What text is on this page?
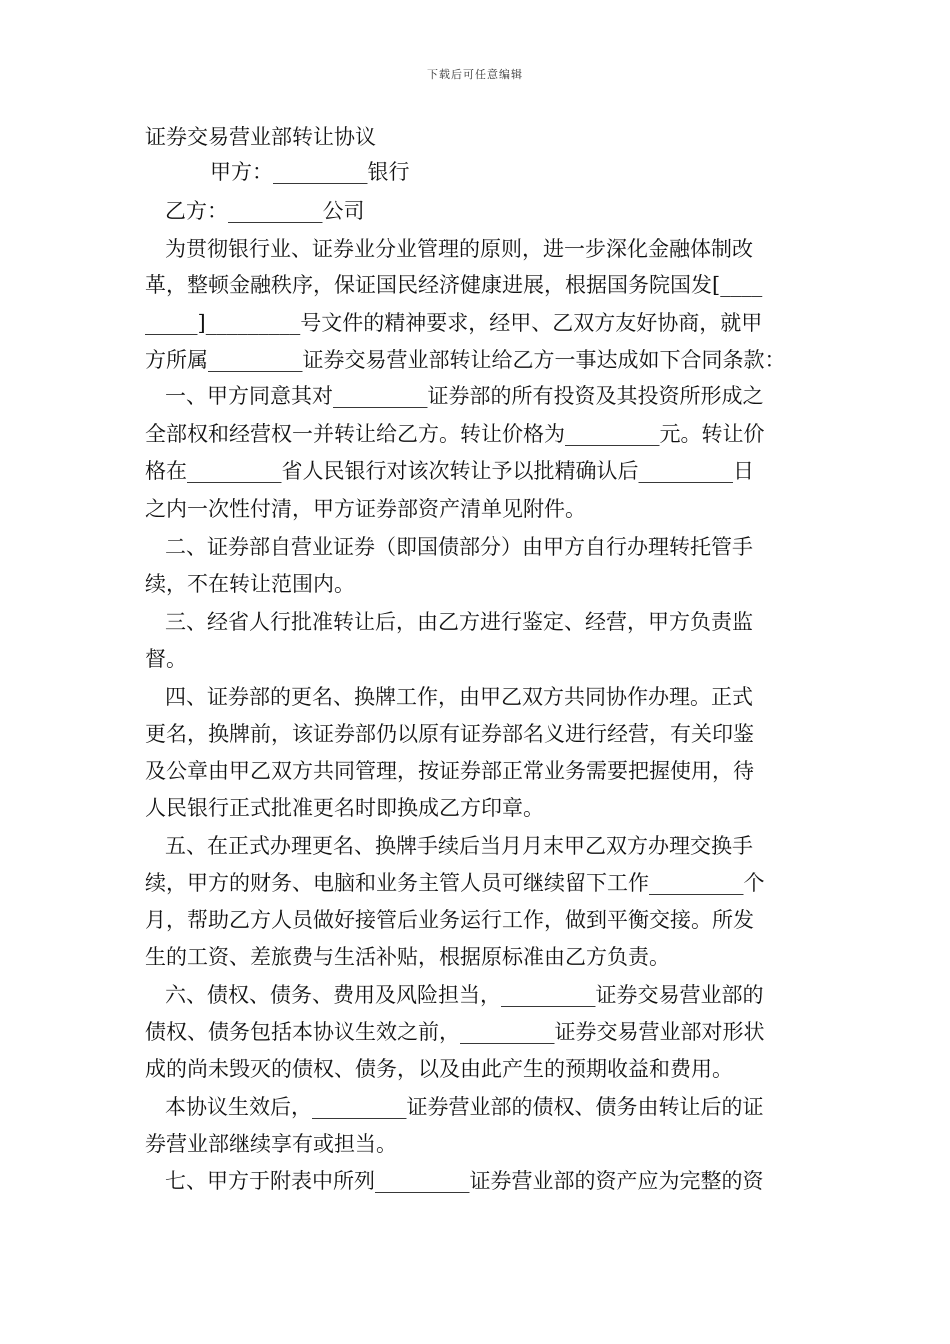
下载后可任意编辑
证券交易营业部转让协议
甲方：_________银行
乙方：_________公司
为贯彻银行业、证券业分业管理的原则，进一步深化金融体制改
革，整顿金融秩序，保证国民经济健康进展，根据国务院国发[____
_____]_________号文件的精神要求，经甲、乙双方友好协商，就甲
方所属_________证券交易营业部转让给乙方一事达成如下合同条款：
一、甲方同意其对_________证券部的所有投资及其投资所形成之
全部权和经营权一并转让给乙方。转让价格为_________元。转让价
格在_________省人民银行对该次转让予以批精确认后_________日
之内一次性付清，甲方证券部资产清单见附件。
二、证券部自营业证券（即国债部分）由甲方自行办理转托管手
续，不在转让范围内。
三、经省人行批准转让后，由乙方进行鉴定、经营，甲方负责监
督。
四、证券部的更名、换牌工作，由甲乙双方共同协作办理。正式
更名，换牌前，该证券部仍以原有证券部名义进行经营，有关印鉴
及公章由甲乙双方共同管理，按证券部正常业务需要把握使用，待
人民银行正式批准更名时即换成乙方印章。
五、在正式办理更名、换牌手续后当月月末甲乙双方办理交换手
续，甲方的财务、电脑和业务主管人员可继续留下工作_________个
月，帮助乙方人员做好接管后业务运行工作，做到平衡交接。所发
生的工资、差旅费与生活补贴，根据原标准由乙方负责。
六、债权、债务、费用及风险担当，_________证券交易营业部的
债权、债务包括本协议生效之前，_________证券交易营业部对形状
成的尚未毁灭的债权、债务，以及由此产生的预期收益和费用。
本协议生效后，_________证券营业部的债权、债务由转让后的证
券营业部继续享有或担当。
七、甲方于附表中所列_________证券营业部的资产应为完整的资
